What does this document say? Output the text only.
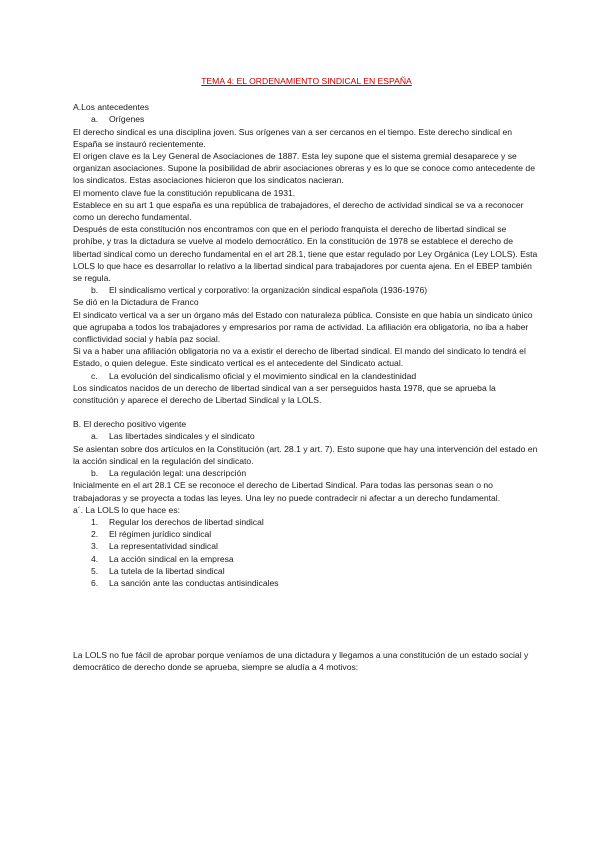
TEMA 4: EL ORDENAMIENTO SINDICAL EN ESPAÑA

A.Los antecedentes

a. Orígenes

El derecho sindical es una disciplina joven. Sus orígenes van a ser cercanos en el tiempo. Este derecho sindical en España se instauró recientemente.

El origen clave es la Ley General de Asociaciones de 1887. Esta ley supone que el sistema gremial desaparece y se organizan asociaciones. Supone la posibilidad de abrir asociaciones obreras y es lo que se conoce como antecedente de los sindicatos. Estas asociaciones hicieron que los sindicatos nacieran.

El momento clave fue la constitución republicana de 1931.

Establece en su art 1 que españa es una república de trabajadores, el derecho de actividad sindical se va a reconocer como un derecho fundamental.

Después de esta constitución nos encontramos con que en el periodo franquista el derecho de libertad sindical se prohíbe, y tras la dictadura se vuelve al modelo democrático. En la constitución de 1978 se establece el derecho de libertad sindical como un derecho fundamental en el art 28.1, tiene que estar regulado por Ley Orgánica (Ley LOLS). Esta LOLS lo que hace es desarrollar lo relativo a la libertad sindical para trabajadores por cuenta ajena. En el EBEP también se regula.

b. El sindicalismo vertical y corporativo: la organización sindical española (1936-1976)

Se dió en la Dictadura de Franco

El sindicato vertical va a ser un órgano más del Estado con naturaleza pública. Consiste en que había un sindicato único que agrupaba a todos los trabajadores y empresarios por rama de actividad. La afiliación era obligatoria, no iba a haber conflictividad social y había paz social.

Si va a haber una afiliación obligatoria no va a existir el derecho de libertad sindical. El mando del sindicato lo tendrá el Estado, o quien delegue. Este sindicato vertical es el antecedente del Sindicato actual.

c. La evolución del sindicalismo oficial y el movimiento sindical en la clandestinidad

Los sindicatos nacidos de un derecho de libertad sindical van a ser perseguidos hasta 1978, que se aprueba la constitución y aparece el derecho de Libertad Sindical y la LOLS.

B. El derecho positivo vigente

a. Las libertades sindicales y el sindicato

Se asientan sobre dos artículos en la Constitución (art. 28.1 y art. 7). Esto supone que hay una intervención del estado en la acción sindical en la regulación del sindicato.

b. La regulación legal: una descripción

Inicialmente en el art 28.1 CE se reconoce el derecho de Libertad Sindical. Para todas las personas sean o no trabajadoras y se proyecta a todas las leyes. Una ley no puede contradecir ni afectar a un derecho fundamental.

a´. La LOLS lo que hace es:

1. Regular los derechos de libertad sindical
2. El régimen jurídico sindical
3. La representatividad sindical
4. La acción sindical en la empresa
5. La tutela de la libertad sindical
6. La sanción ante las conductas antisindicales

La LOLS no fue fácil de aprobar porque veníamos de una dictadura y llegamos a una constitución de un estado social y democrático de derecho donde se aprueba, siempre se aludía a 4 motivos:
